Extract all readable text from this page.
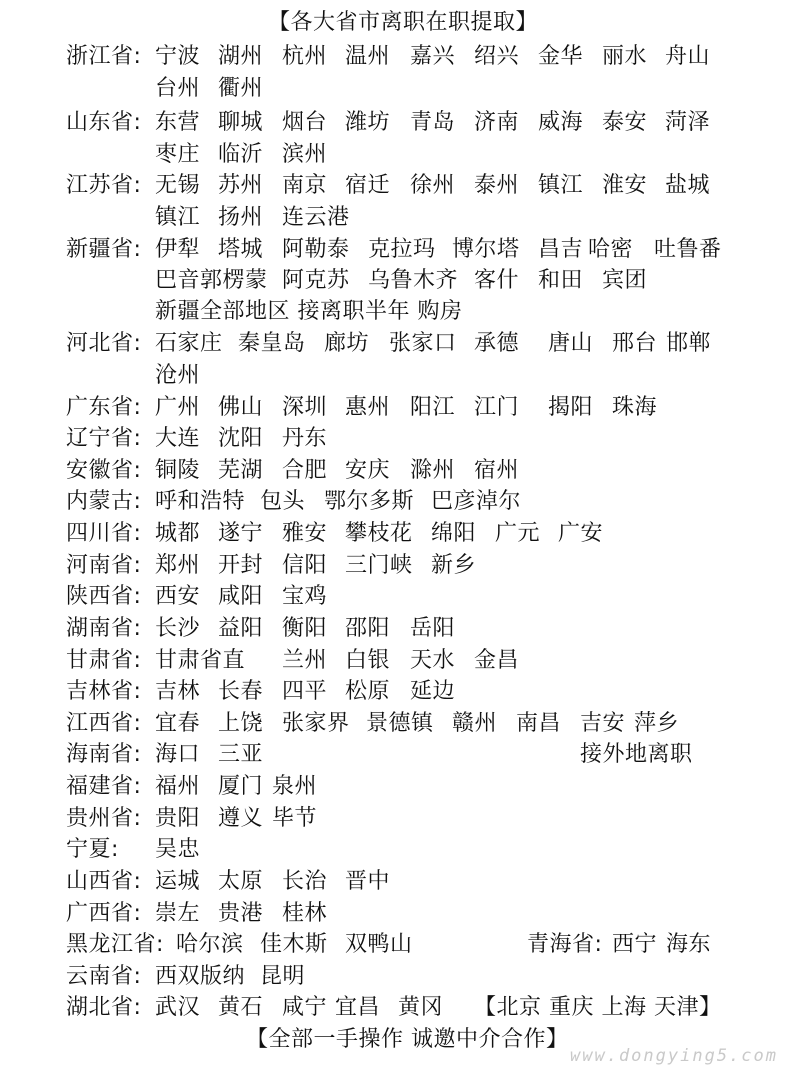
【各大省市离职在职提取】
浙江省: 宁波 湖州 杭州 温州 嘉兴 绍兴 金华 丽水 舟山
台州 衢州
山东省: 东营 聊城 烟台 潍坊 青岛 济南 威海 泰安 菏泽
枣庄 临沂 滨州
江苏省: 无锡 苏州 南京 宿迁 徐州 泰州 镇江 淮安 盐城
镇江 扬州 连云港
新疆省: 伊犁 塔城 阿勒泰 克拉玛 博尔塔 昌吉 哈密 吐鲁番
巴音郭楞蒙 阿克苏 乌鲁木齐 客什 和田 宾团
新疆全部地区 接离职半年 购房
河北省: 石家庄 秦皇岛 廊坊 张家口 承德 唐山 邢台 邯郸
沧州
广东省: 广州 佛山 深圳 惠州 阳江 江门 揭阳 珠海
辽宁省: 大连 沈阳 丹东
安徽省: 铜陵 芜湖 合肥 安庆 滁州 宿州
内蒙古: 呼和浩特 包头 鄂尔多斯 巴彦淖尔
四川省: 城都 遂宁 雅安 攀枝花 绵阳 广元 广安
河南省: 郑州 开封 信阳 三门峡 新乡
陕西省: 西安 咸阳 宝鸡
湖南省: 长沙 益阳 衡阳 邵阳 岳阳
甘肃省: 甘肃省直 兰州 白银 天水 金昌
吉林省: 吉林 长春 四平 松原 延边
江西省: 宜春 上饶 张家界 景德镇 赣州 南昌 吉安 萍乡
海南省: 海口 三亚	接外地离职
福建省: 福州 厦门 泉州
贵州省: 贵阳 遵义 毕节
宁夏: 吴忠
山西省: 运城 太原 长治 晋中
广西省: 崇左 贵港 桂林
黑龙江省: 哈尔滨 佳木斯 双鸭山	青海省: 西宁 海东
云南省: 西双版纳 昆明
湖北省: 武汉 黄石 咸宁 宜昌 黄冈 【北京 重庆 上海 天津】
【全部一手操作 诚邀中介合作】
www.dongying5.com
